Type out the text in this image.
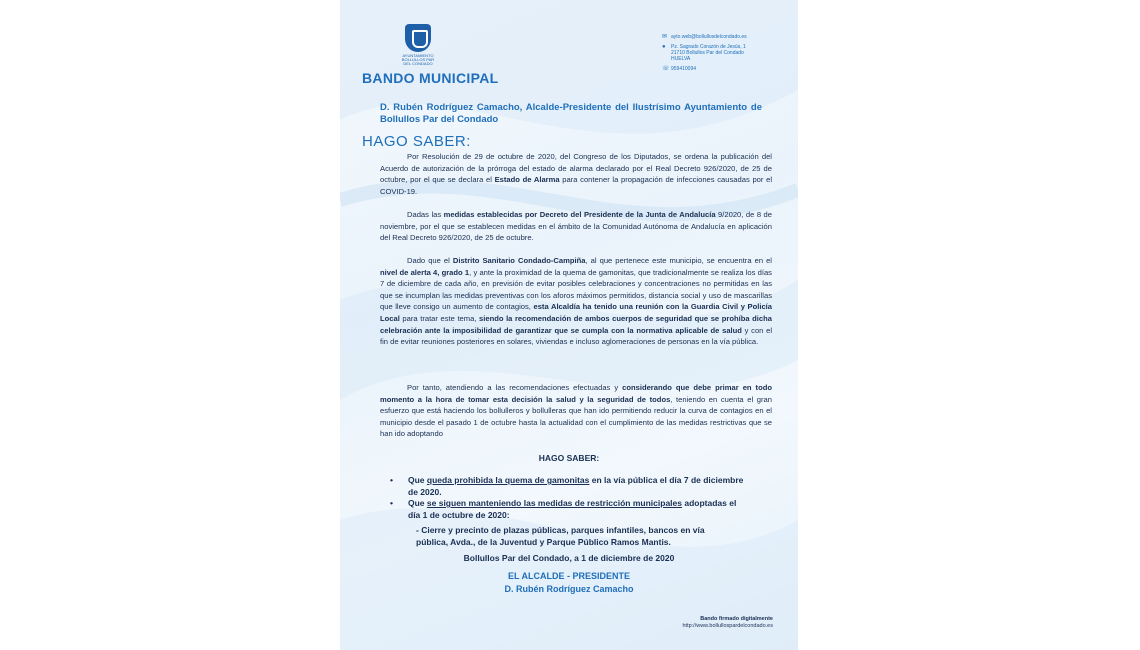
AYUNTAMIENTO BOLLULLOS PAR DEL CONDADO
BANDO MUNICIPAL
✉ ayto.web@bollullosdelcondado.es
●	Pz. Sagrado Corazón de Jesús, 1
21710 Bollullos Par del Condado
HUELVA
☏ 959410094
D. Rubén Rodríguez Camacho, Alcalde-Presidente del Ilustrísimo Ayuntamiento de Bollullos Par del Condado
HAGO SABER:

Por Resolución de 29 de octubre de 2020, del Congreso de los Diputados, se ordena la publicación del Acuerdo de autorización de la prórroga del estado de alarma declarado por el Real Decreto 926/2020, de 25 de octubre, por el que se declara el Estado de Alarma para contener la propagación de infecciones causadas por el COVID-19.

Dadas las medidas establecidas por Decreto del Presidente de la Junta de Andalucía 9/2020, de 8 de noviembre, por el que se establecen medidas en el ámbito de la Comunidad Autónoma de Andalucía en aplicación del Real Decreto 926/2020, de 25 de octubre.

Dado que el Distrito Sanitario Condado-Campiña, al que pertenece este municipio, se encuentra en el nivel de alerta 4, grado 1, y ante la proximidad de la quema de gamonitas, que tradicionalmente se realiza los días 7 de diciembre de cada año, en previsión de evitar posibles celebraciones y concentraciones no permitidas en las que se incumplan las medidas preventivas con los aforos máximos permitidos, distancia social y uso de mascarillas que lleve consigo un aumento de contagios, esta Alcaldía ha tenido una reunión con la Guardia Civil y Policía Local para tratar este tema, siendo la recomendación de ambos cuerpos de seguridad que se prohíba dicha celebración ante la imposibilidad de garantizar que se cumpla con la normativa aplicable de salud y con el fin de evitar reuniones posteriores en solares, viviendas e incluso aglomeraciones de personas en la vía pública.

Por tanto, atendiendo a las recomendaciones efectuadas y considerando que debe primar en todo momento a la hora de tomar esta decisión la salud y la seguridad de todos, teniendo en cuenta el gran esfuerzo que está haciendo los bollulleros y bollulleras que han ido permitiendo reducir la curva de contagios en el municipio desde el pasado 1 de octubre hasta la actualidad con el cumplimiento de las medidas restrictivas que se han ido adoptando

HAGO SABER:
• Que queda prohibida la quema de gamonitas en la vía pública el día 7 de diciembre de 2020.
• Que se siguen manteniendo las medidas de restricción municipales adoptadas el día 1 de octubre de 2020:
- Cierre y precinto de plazas públicas, parques infantiles, bancos en vía pública, Avda., de la Juventud y Parque Público Ramos Mantis.
Bollullos Par del Condado, a 1 de diciembre de 2020
EL ALCALDE - PRESIDENTE
D. Rubén Rodríguez Camacho
Bando firmado digitalmente
http://www.bollullospardelcondado.es
